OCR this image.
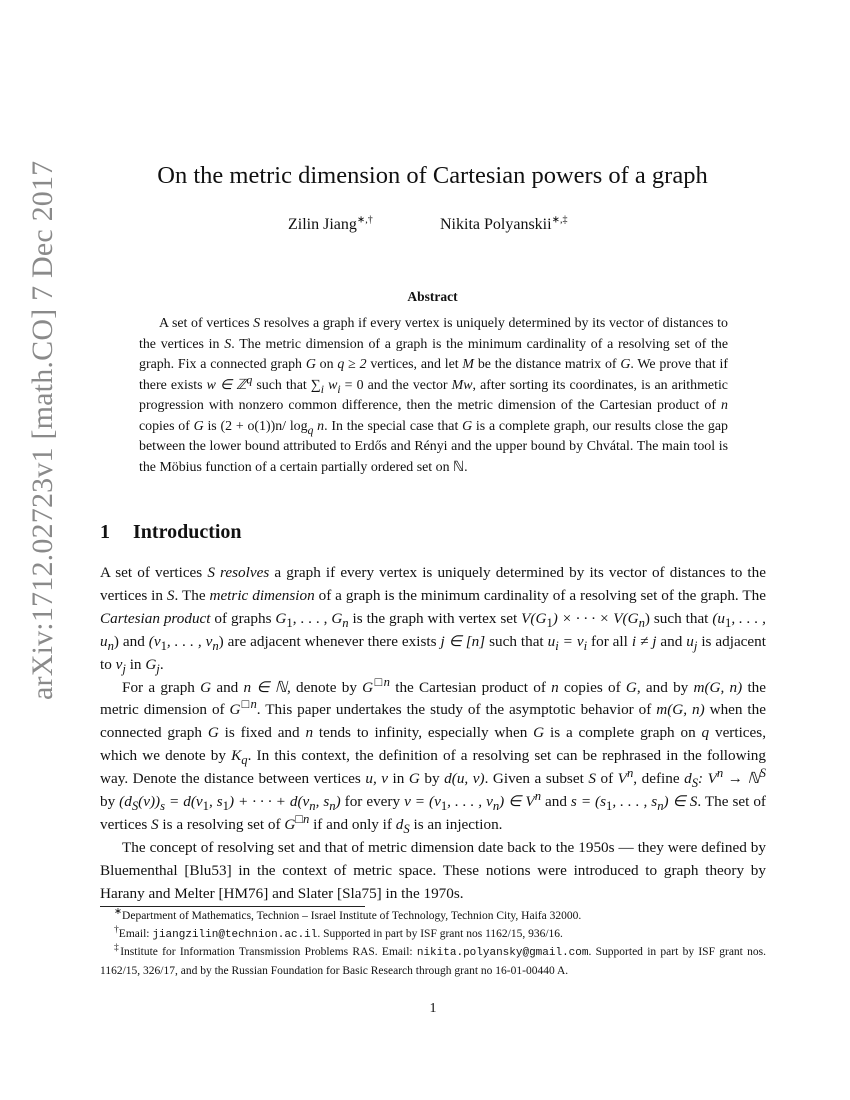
arXiv:1712.02723v1 [math.CO] 7 Dec 2017	On the metric dimension of Cartesian powers of a graph
Zilin Jiang∗,†	Nikita Polyanskii∗,‡
Abstract

A set of vertices S resolves a graph if every vertex is uniquely determined by its vector of distances to the vertices in S. The metric dimension of a graph is the minimum cardinality of a resolving set of the graph. Fix a connected graph G on q ≥ 2 vertices, and let M be the distance matrix of G. We prove that if there exists w ∈ ℤ$^q$ such that $\sum_i$ $w_i = 0$ and the vector Mw, after sorting its coordinates, is an arithmetic progression with nonzero common difference, then the metric dimension of the Cartesian product of n copies of G is (2 + o(1))n/ $\log_q n$. In the special case that G is a complete graph, our results close the gap between the lower bound attributed to Erdős and Rényi and the upper bound by Chvátal. The main tool is the Möbius function of a certain partially ordered set on ℕ.

1 Introduction

A set of vertices S resolves a graph if every vertex is uniquely determined by its vector of distances to the vertices in S. The metric dimension of a graph is the minimum cardinality of a resolving set of the graph. The Cartesian product of graphs $G_1$, . . . , $G_n$ is the graph with vertex set $V(G_1)$ × · · · × $V(G_n)$ such that ($u_1$, . . . , $u_n$) and ($v_1$, . . . , $v_n$) are adjacent whenever there exists j ∈ [n] such that $u_i = v_i$ for all i ≠ j and $u_j$ is adjacent to $v_j$ in $G_j$.

For a graph G and n ∈ ℕ, denote by $G^{□n}$ the Cartesian product of n copies of G, and by m(G, n) the metric dimension of $G^{□n}$. This paper undertakes the study of the asymptotic behavior of m(G, n) when the connected graph G is fixed and n tends to infinity, especially when G is a complete graph on q vertices, which we denote by $K_q$. In this context, the definition of a resolving set can be rephrased in the following way. Denote the distance between vertices u, v in G by d(u, v). Given a subset S of $V^n$, define $d_S$: $V^n$ → ℕ$^S$ by $(d_S(v))_s = d(v_1$, $s_1$) + · · · + $d(v_n$, $s_n$) for every $v = (v_1$, . . . , $v_n$) ∈ $V^n$ and $s = (s_1$, . . . , $s_n$) ∈ S. The set of vertices S is a resolving set of $G^{□n}$ if and only if $d_S$ is an injection.

The concept of resolving set and that of metric dimension date back to the 1950s — they were defined by Bluementhal [Blu53] in the context of metric space. These notions were introduced to graph theory by Harany and Melter [HM76] and Slater [Sla75] in the 1970s.

∗Department of Mathematics, Technion – Israel Institute of Technology, Technion City, Haifa 32000.

†Email: jiangzilin@technion.ac.il. Supported in part by ISF grant nos 1162/15, 936/16.

‡Institute for Information Transmission Problems RAS. Email: nikita.polyansky@gmail.com. Supported in part by ISF grant nos. 1162/15, 326/17, and by the Russian Foundation for Basic Research through grant no 16-01-00440 A.

1
